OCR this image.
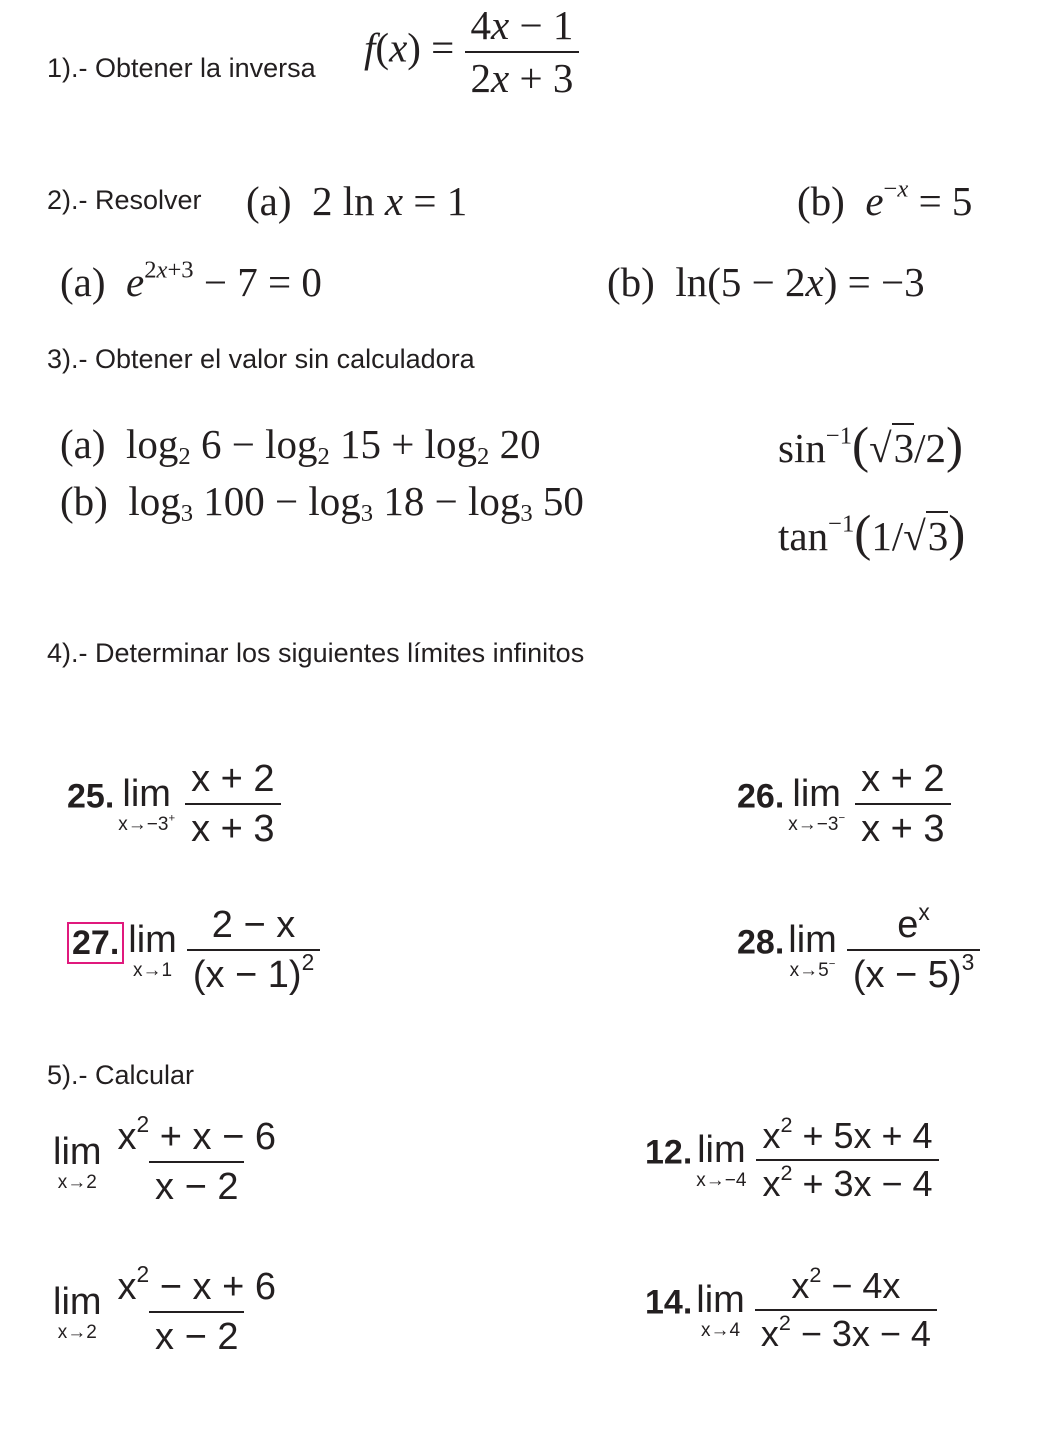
1).- Obtener la inversa $f(x) = \frac{4x - 1}{2x + 3}$
2).- Resolver (a)  2 ln x = 1	(b) $e^{-x} = 5$
(a) $e^{2x+3} - 7 = 0$	(b)  ln(5 − 2x) = −3
3).- Obtener el valor sin calculadora
(a)  $\log_2 6 - \log_2 15 + \log_2 20$
(b)  $\log_3 100 - \log_3 18 - \log_3 50$
$\sin^{-1}(√3/2)$
$\tan^{-1}(1/√3)$
4).- Determinar los siguientes límites infinitos
25. lim
x→−3+
$\frac{x + 2}{x + 3}$	26. lim
x→−3−
$\frac{x + 2}{x + 3}$
27. lim
x→1
$\frac{2 - x}{(x - 1)^2}$	28. lim
x→5−
$\frac{e^x}{(x - 5)^3}$
5).- Calcular
lim
x→2
$\frac{x^2 + x - 6}{x - 2}$	12. lim
x→−4
$\frac{x^2 + 5x + 4}{x^2 + 3x - 4}$
lim
x→2
$\frac{x^2 - x + 6}{x - 2}$	14. lim
x→4
$\frac{x^2 - 4x}{x^2 - 3x - 4}$
